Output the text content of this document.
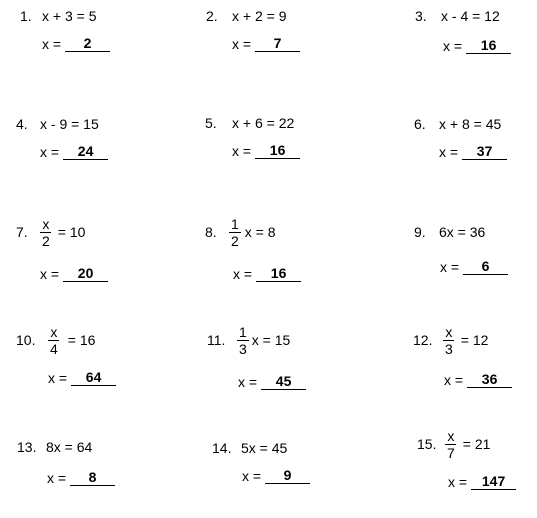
1. x + 3 = 5
x =	2
2.	x + 2 = 9
x =	7
3.	x - 4 = 12
x =	16
4. x - 9 = 15
x =	24
5.	x + 6 = 22
x =	16
6. x + 8 = 45
x =	37
7. $\frac{x}{2} = 10$
x =	20
8. $\frac{1}{2}$ x = 8
x =	16
9. 6x = 36
x =	6
10. $\frac{x}{4} = 16$
x =	64
11. $\frac{1}{3}$ x = 15
x =	45
12. $\frac{x}{3} = 12$
x =	36
13. 8x = 64
x =	8
14. 5x = 45
x =	9
15. $\frac{x}{7} = 21$
x =	147
